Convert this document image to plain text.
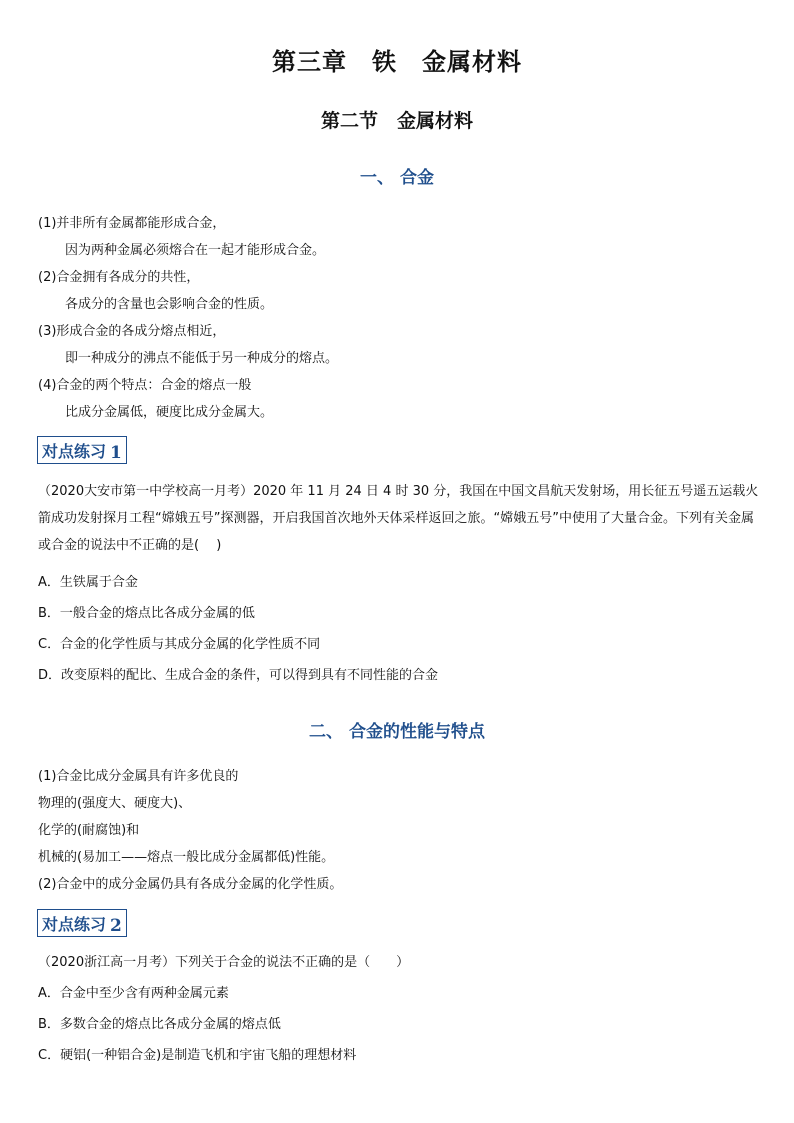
第三章　铁　金属材料
第二节　金属材料
一、 合金
(1)并非所有金属都能形成合金，
因为两种金属必须熔合在一起才能形成合金。
(2)合金拥有各成分的共性，
各成分的含量也会影响合金的性质。
(3)形成合金的各成分熔点相近，
即一种成分的沸点不能低于另一种成分的熔点。
(4)合金的两个特点：合金的熔点一般
比成分金属低，硬度比成分金属大。
对点练习 1
（2020大安市第一中学校高一月考）2020 年 11 月 24 日 4 时 30 分，我国在中国文昌航天发射场，用长征五号遥五运载火箭成功发射探月工程“嫦娥五号”探测器，开启我国首次地外天体采样返回之旅。“嫦娥五号”中使用了大量合金。下列有关金属或合金的说法中不正确的是(　 )
A．生铁属于合金
B．一般合金的熔点比各成分金属的低
C．合金的化学性质与其成分金属的化学性质不同
D．改变原料的配比、生成合金的条件，可以得到具有不同性能的合金
二、 合金的性能与特点
(1)合金比成分金属具有许多优良的
物理的(强度大、硬度大)、
化学的(耐腐蚀)和
机械的(易加工——熔点一般比成分金属都低)性能。
(2)合金中的成分金属仍具有各成分金属的化学性质。
对点练习 2
（2020浙江高一月考）下列关于合金的说法不正确的是（　　）
A．合金中至少含有两种金属元素
B．多数合金的熔点比各成分金属的熔点低
C．硬铝(一种铝合金)是制造飞机和宇宙飞船的理想材料
